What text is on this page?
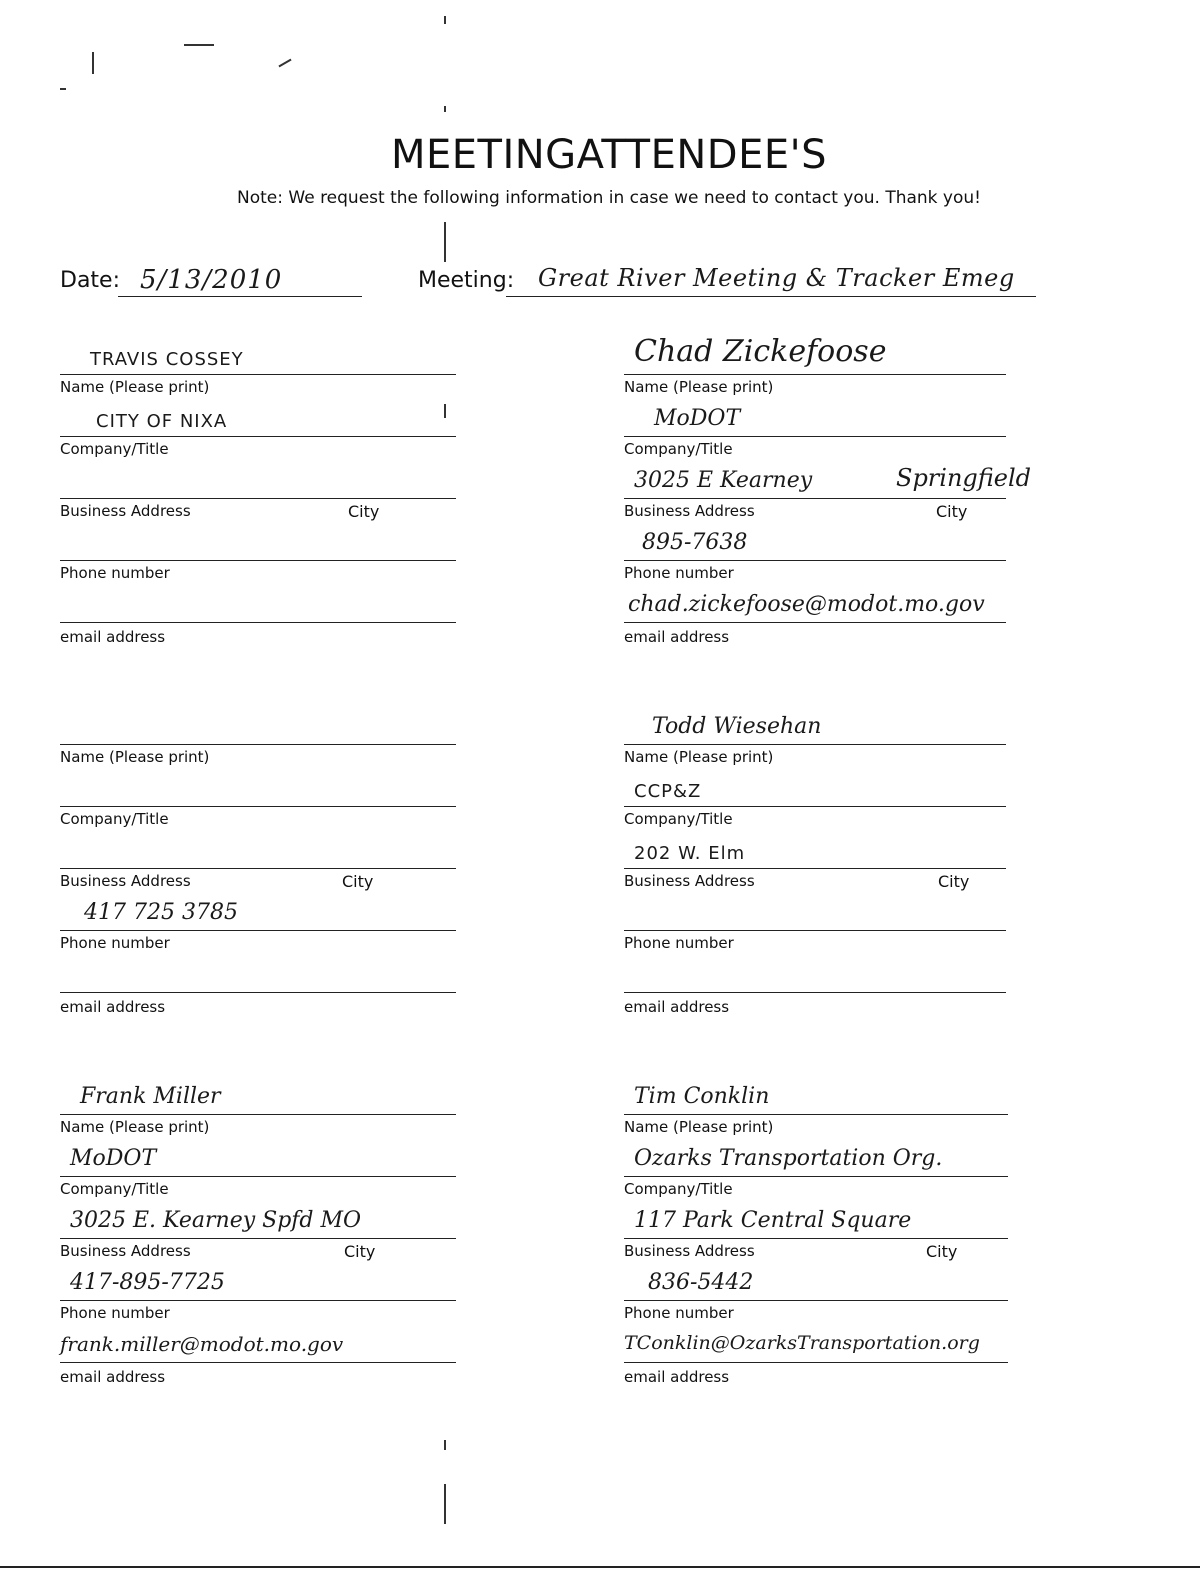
MEETINGATTENDEE'S
Note: We request the following information in case we need to contact you. Thank you!
Date: 5/13/2010	Meeting: Great River Meeting & Tracker Emeg
TRAVIS COSSEY
Name (Please print)
CITY OF NIXA
Company/Title
Business Address	City
Phone number
email address
Chad Zickefoose
Name (Please print)
MoDOT
Company/Title
3025 E Kearney	Springfield
Business Address	City
895-7638
Phone number
chad.zickefoose@modot.mo.gov
email address
Name (Please print)
Company/Title
Business Address	City
417 725 3785
Phone number
email address
Todd Wiesehan
Name (Please print)
CCP&Z
Company/Title
202 W. Elm
Business Address	City
Phone number
email address
Frank Miller
Name (Please print)
MoDOT
Company/Title
3025 E. Kearney Spfd MO
Business Address	City
417-895-7725
Phone number
frank.miller@modot.mo.gov
email address
Tim Conklin
Name (Please print)
Ozarks Transportation Org.
Company/Title
117 Park Central Square
Business Address	City
836-5442
Phone number
TConklin@OzarksTransportation.org
email address
